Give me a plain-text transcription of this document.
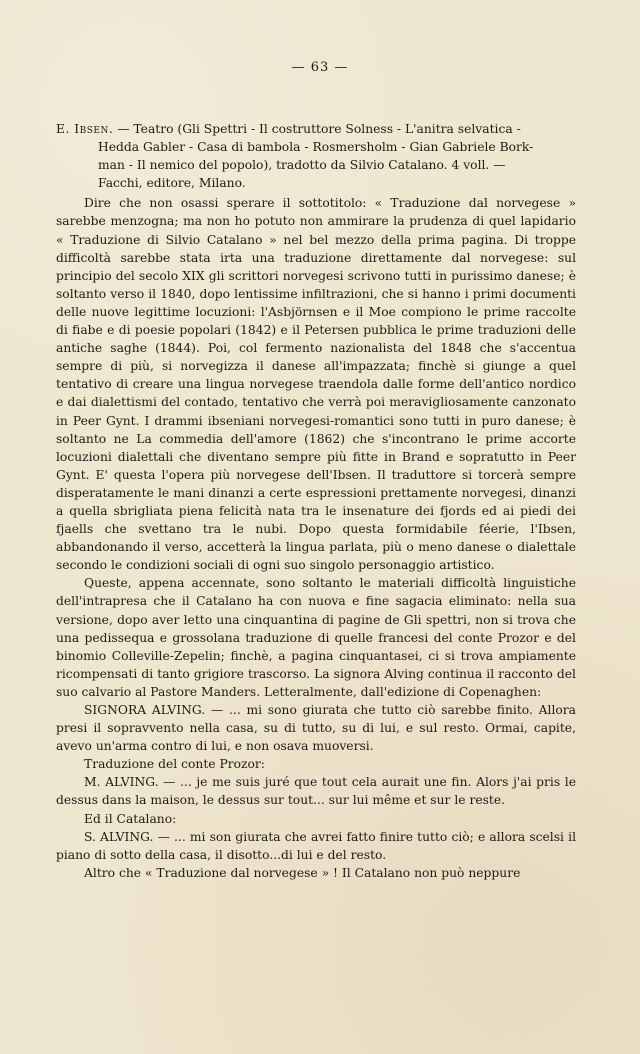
— 63 —

E. Ibsen. — Teatro (Gli Spettri - Il costruttore Solness - L'anitra selvatica -
Hedda Gabler - Casa di bambola - Rosmersholm - Gian Gabriele Bork-
man - Il nemico del popolo), tradotto da Silvio Catalano. 4 voll. —
Facchi, editore, Milano.

Dire che non osassi sperare il sottotitolo: « Traduzione dal norvegese » sarebbe menzogna; ma non ho potuto non ammirare la prudenza di quel lapidario « Traduzione di Silvio Catalano » nel bel mezzo della prima pagina. Di troppe difficoltà sarebbe stata irta una traduzione direttamente dal norvegese: sul principio del secolo XIX gli scrittori norvegesi scrivono tutti in purissimo danese; è soltanto verso il 1840, dopo lentissime infiltrazioni, che si hanno i primi documenti delle nuove legittime locuzioni: l'Asbjörnsen e il Moe compiono le prime raccolte di fiabe e di poesie popolari (1842) e il Petersen pubblica le prime traduzioni delle antiche saghe (1844). Poi, col fermento nazionalista del 1848 che s'accentua sempre di più, si norvegizza il danese all'impazzata; finchè si giunge a quel tentativo di creare una lingua norvegese traendola dalle forme dell'antico nordico e dai dialettismi del contado, tentativo che verrà poi meravigliosamente canzonato in Peer Gynt. I drammi ibseniani norvegesi-romantici sono tutti in puro danese; è soltanto ne La commedia dell'amore (1862) che s'incontrano le prime accorte locuzioni dialettali che diventano sempre più fitte in Brand e sopratutto in Peer Gynt. E' questa l'opera più norvegese dell'Ibsen. Il traduttore si torcerà sempre disperatamente le mani dinanzi a certe espressioni prettamente norvegesi, dinanzi a quella sbrigliata piena felicità nata tra le insenature dei fjords ed ai piedi dei fjaells che svettano tra le nubi. Dopo questa formidabile féerie, l'Ibsen, abbandonando il verso, accetterà la lingua parlata, più o meno danese o dialettale secondo le condizioni sociali di ogni suo singolo personaggio artistico.

Queste, appena accennate, sono soltanto le materiali difficoltà linguistiche dell'intrapresa che il Catalano ha con nuova e fine sagacia eliminato: nella sua versione, dopo aver letto una cinquantina di pagine de Gli spettri, non si trova che una pedissequa e grossolana traduzione di quelle francesi del conte Prozor e del binomio Colleville-Zepelin; finchè, a pagina cinquantasei, ci si trova ampiamente ricompensati di tanto grigiore trascorso. La signora Alving continua il racconto del suo calvario al Pastore Manders. Letteralmente, dall'edizione di Copenaghen:

SIGNORA ALVING. — ... mi sono giurata che tutto ciò sarebbe finito. Allora presi il sopravvento nella casa, su di tutto, su di lui, e sul resto. Ormai, capite, avevo un'arma contro di lui, e non osava muoversi.

Traduzione del conte Prozor:

M. ALVING. — ... je me suis juré que tout cela aurait une fin. Alors j'ai pris le dessus dans la maison, le dessus sur tout... sur lui même et sur le reste.

Ed il Catalano:

S. ALVING. — ... mi son giurata che avrei fatto finire tutto ciò; e allora scelsi il piano di sotto della casa, il disotto...di lui e del resto.

Altro che « Traduzione dal norvegese » ! Il Catalano non può neppure
